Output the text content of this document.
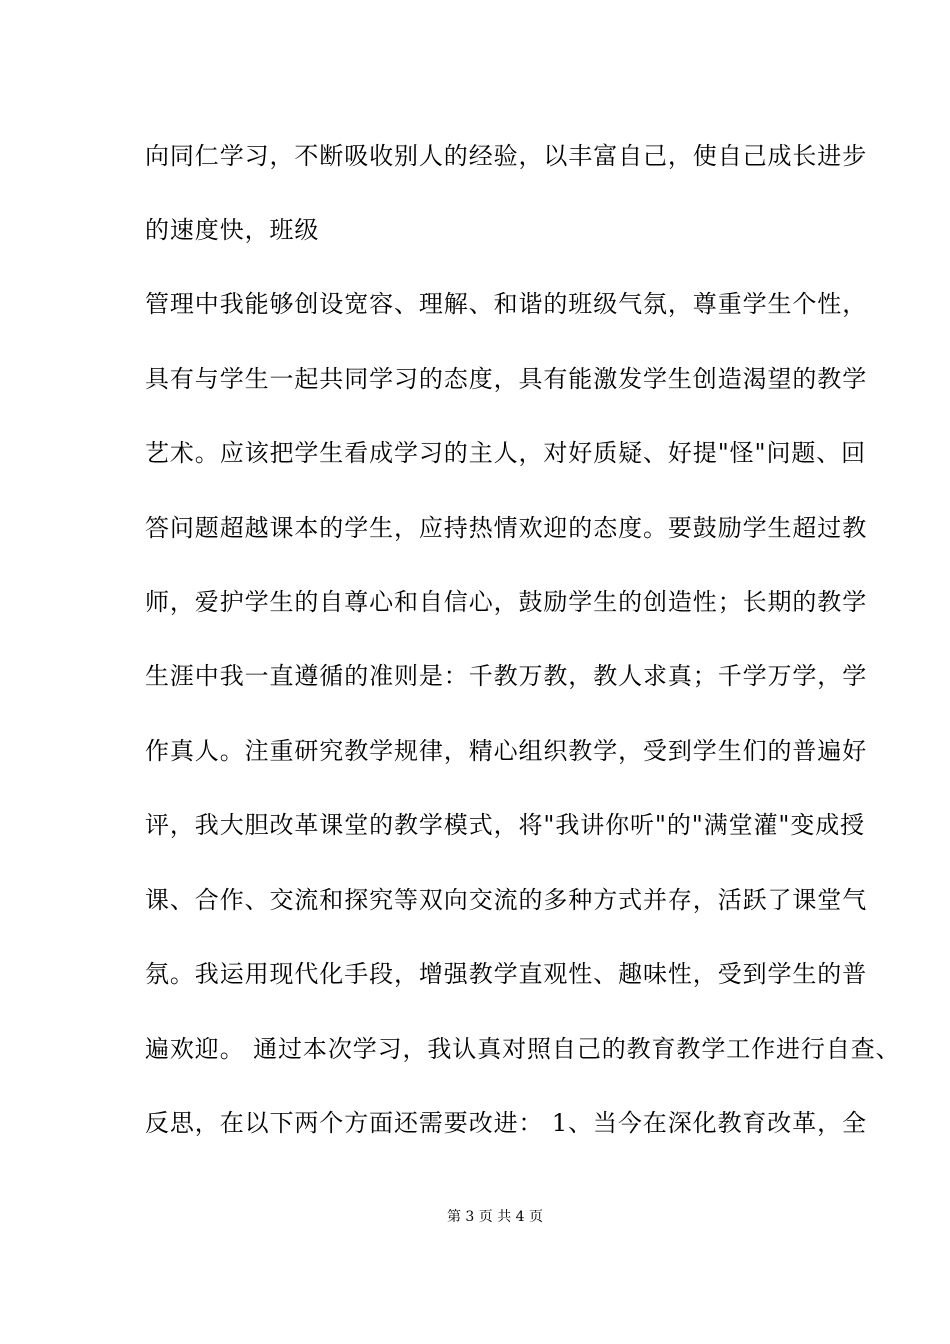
向同仁学习，不断吸收别人的经验，以丰富自己，使自己成长进步
的速度快，班级
管理中我能够创设宽容、理解、和谐的班级气氛，尊重学生个性，
具有与学生一起共同学习的态度，具有能激发学生创造渴望的教学
艺术。应该把学生看成学习的主人，对好质疑、好提"怪"问题、回
答问题超越课本的学生，应持热情欢迎的态度。要鼓励学生超过教
师，爱护学生的自尊心和自信心，鼓励学生的创造性；长期的教学
生涯中我一直遵循的准则是：千教万教，教人求真；千学万学，学
作真人。注重研究教学规律，精心组织教学，受到学生们的普遍好
评，我大胆改革课堂的教学模式，将"我讲你听"的"满堂灌"变成授
课、合作、交流和探究等双向交流的多种方式并存，活跃了课堂气
氛。我运用现代化手段，增强教学直观性、趣味性，受到学生的普
遍欢迎。 通过本次学习，我认真对照自己的教育教学工作进行自查、
反思，在以下两个方面还需要改进： 1、当今在深化教育改革，全
第 3 页 共 4 页
